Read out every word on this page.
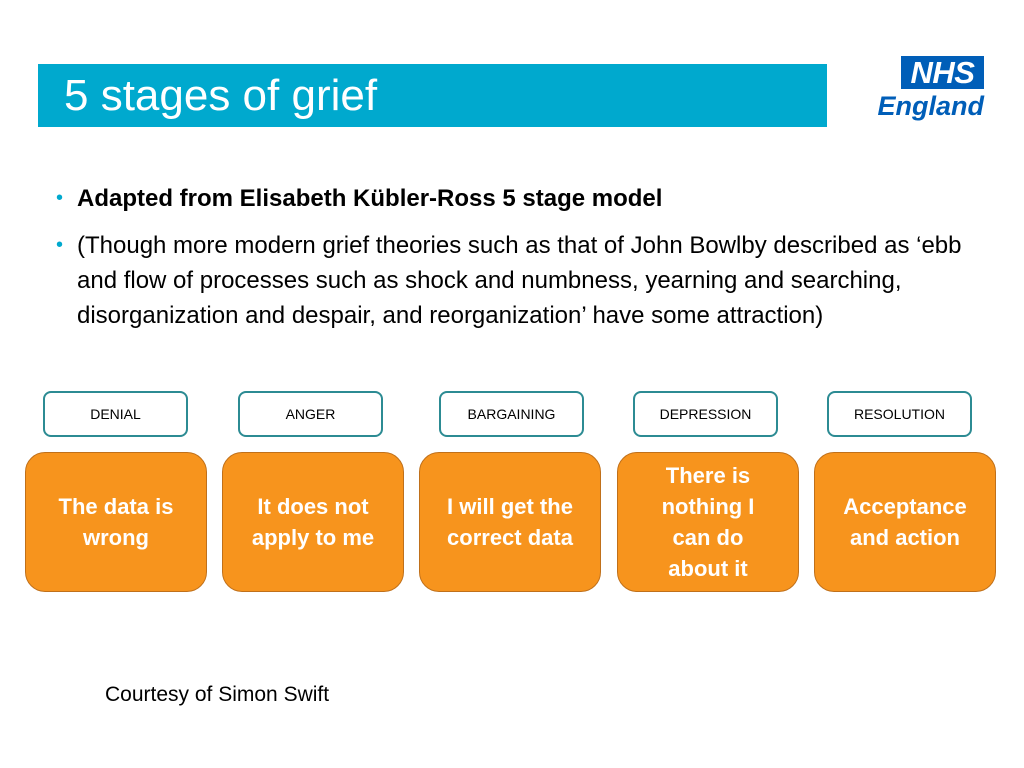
5 stages of grief	NHS
England
• Adapted from Elisabeth Kübler-Ross 5 stage model
• (Though more modern grief theories such as that of John Bowlby described as ‘ebb and flow of processes such as shock and numbness, yearning and searching, disorganization and despair, and reorganization’ have some attraction)
DENIAL	ANGER	BARGAINING	DEPRESSION	RESOLUTION
The data is
wrong
It does not
apply to me
I will get the
correct data
There is
nothing I
can do
about it
Acceptance
and action
Courtesy of Simon Swift
